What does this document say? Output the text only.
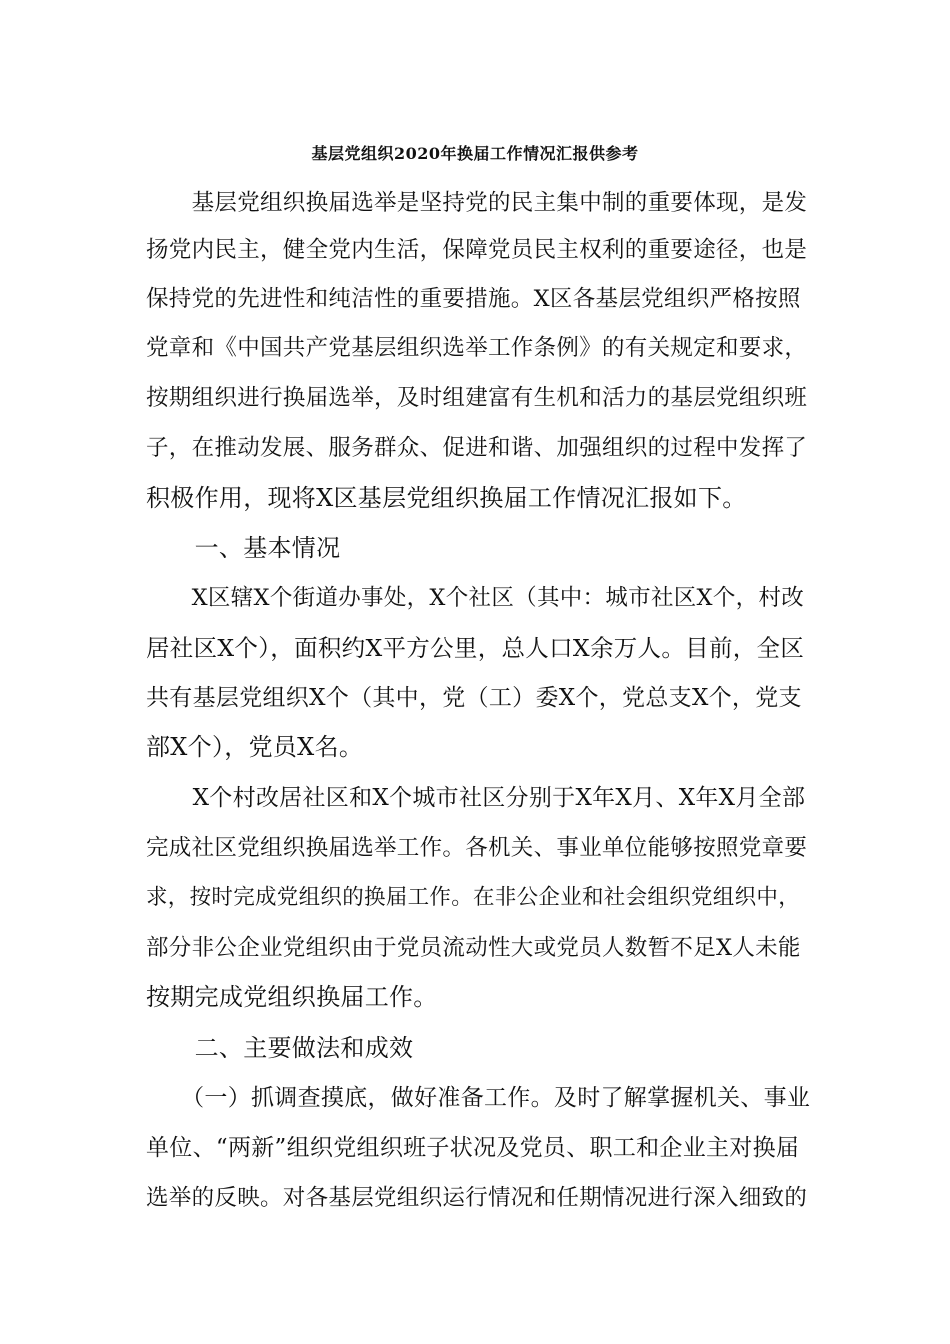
基层党组织2020年换届工作情况汇报供参考
　　基层党组织换届选举是坚持党的民主集中制的重要体现，是发
扬党内民主，健全党内生活，保障党员民主权利的重要途径，也是
保持党的先进性和纯洁性的重要措施。X区各基层党组织严格按照
党章和《中国共产党基层组织选举工作条例》的有关规定和要求，
按期组织进行换届选举，及时组建富有生机和活力的基层党组织班
子，在推动发展、服务群众、促进和谐、加强组织的过程中发挥了
积极作用，现将X区基层党组织换届工作情况汇报如下。
　　一、基本情况
　　X区辖X个街道办事处，X个社区（其中：城市社区X个，村改
居社区X个），面积约X平方公里，总人口X余万人。目前，全区
共有基层党组织X个（其中，党（工）委X个，党总支X个，党支
部X个），党员X名。
　　X个村改居社区和X个城市社区分别于X年X月、X年X月全部
完成社区党组织换届选举工作。各机关、事业单位能够按照党章要
求，按时完成党组织的换届工作。在非公企业和社会组织党组织中，
部分非公企业党组织由于党员流动性大或党员人数暂不足X人未能
按期完成党组织换届工作。
　　二、主要做法和成效
　　（一）抓调查摸底，做好准备工作。及时了解掌握机关、事业
单位、“两新”组织党组织班子状况及党员、职工和企业主对换届
选举的反映。对各基层党组织运行情况和任期情况进行深入细致的
